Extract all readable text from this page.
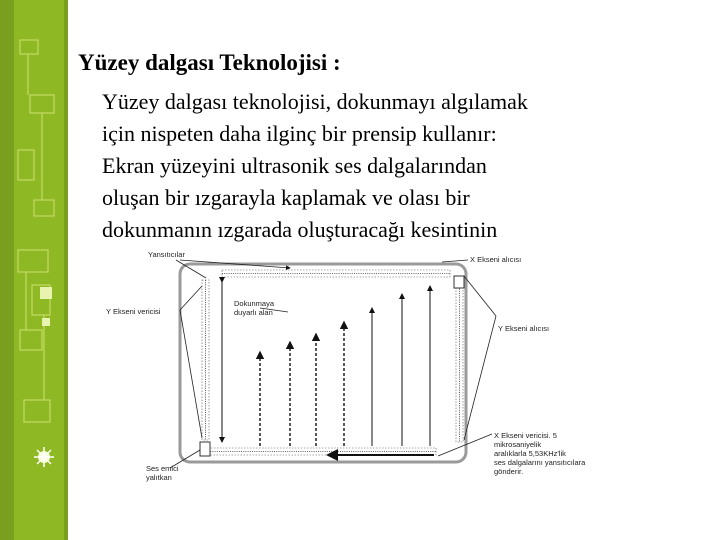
Yüzey dalgası Teknolojisi :
Yüzey dalgası teknolojisi, dokunmayı algılamak
için nispeten daha ilginç bir prensip kullanır:
Ekran yüzeyini ultrasonik ses dalgalarından
oluşan bir ızgarayla kaplamak ve olası bir
dokunmanın ızgarada oluşturacağı kesintinin
Yansıtıcılar
X Ekseni alıcısı
Dokunmaya
duyarlı alan
Y Ekseni vericisi
Y Ekseni alıcısı
X Ekseni vericisi. 5
mikrosaniyelik
aralıklarla 5,53KHz'lik
ses dalgalarını yansıtıcılara
gönderir.
Ses emici
yalıtkan
